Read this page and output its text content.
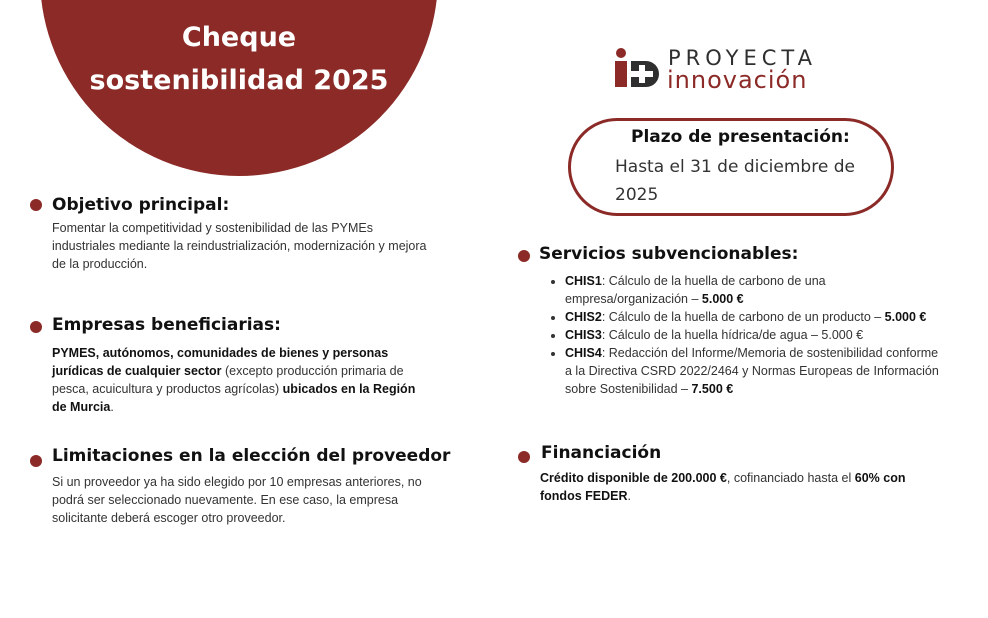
Cheque
sostenibilidad 2025
PROYECTA
innovación
Plazo de presentación:
Hasta el 31 de diciembre de 2025
Objetivo principal:

Fomentar la competitividad y sostenibilidad de las PYMEs industriales mediante la reindustrialización, modernización y mejora de la producción.

Empresas beneficiarias:

PYMES, autónomos, comunidades de bienes y personas jurídicas de cualquier sector (excepto producción primaria de pesca, acuicultura y productos agrícolas) ubicados en la Región de Murcia.

Limitaciones en la elección del proveedor

Si un proveedor ya ha sido elegido por 10 empresas anteriores, no podrá ser seleccionado nuevamente. En ese caso, la empresa solicitante deberá escoger otro proveedor.

Servicios subvencionables:
• CHIS1: Cálculo de la huella de carbono de una empresa/organización – 5.000 €
• CHIS2: Cálculo de la huella de carbono de un producto – 5.000 €
• CHIS3: Cálculo de la huella hídrica/de agua – 5.000 €
• CHIS4: Redacción del Informe/Memoria de sostenibilidad conforme a la Directiva CSRD 2022/2464 y Normas Europeas de Información sobre Sostenibilidad – 7.500 €
Financiación

Crédito disponible de 200.000 €, cofinanciado hasta el 60% con fondos FEDER.
